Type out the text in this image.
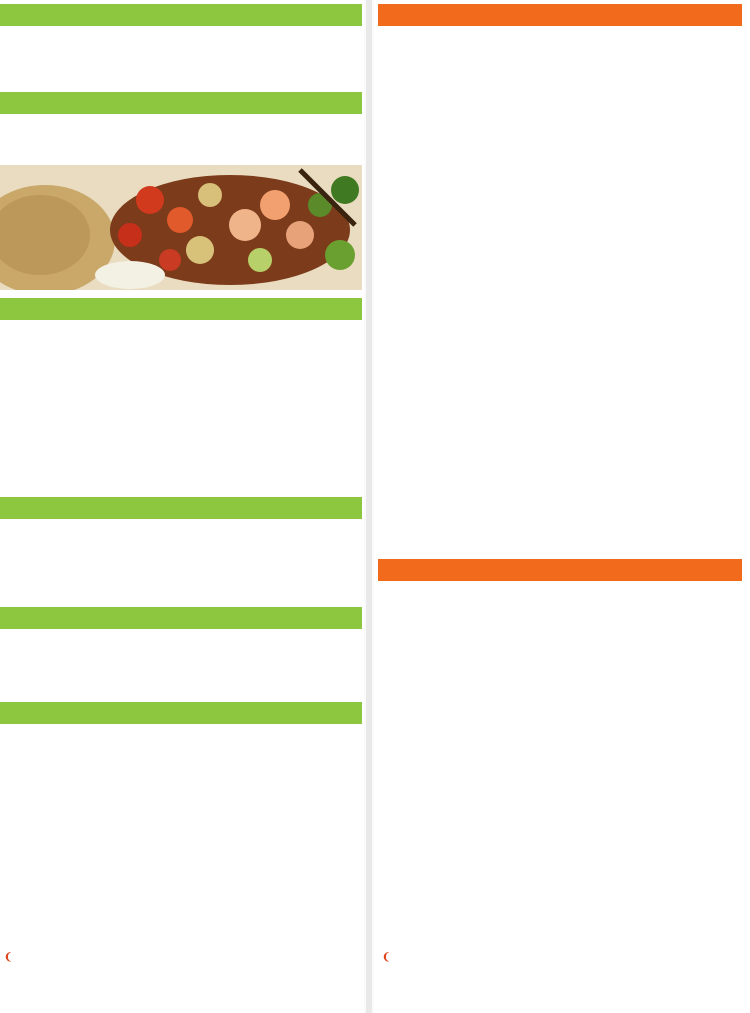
❨	❨
